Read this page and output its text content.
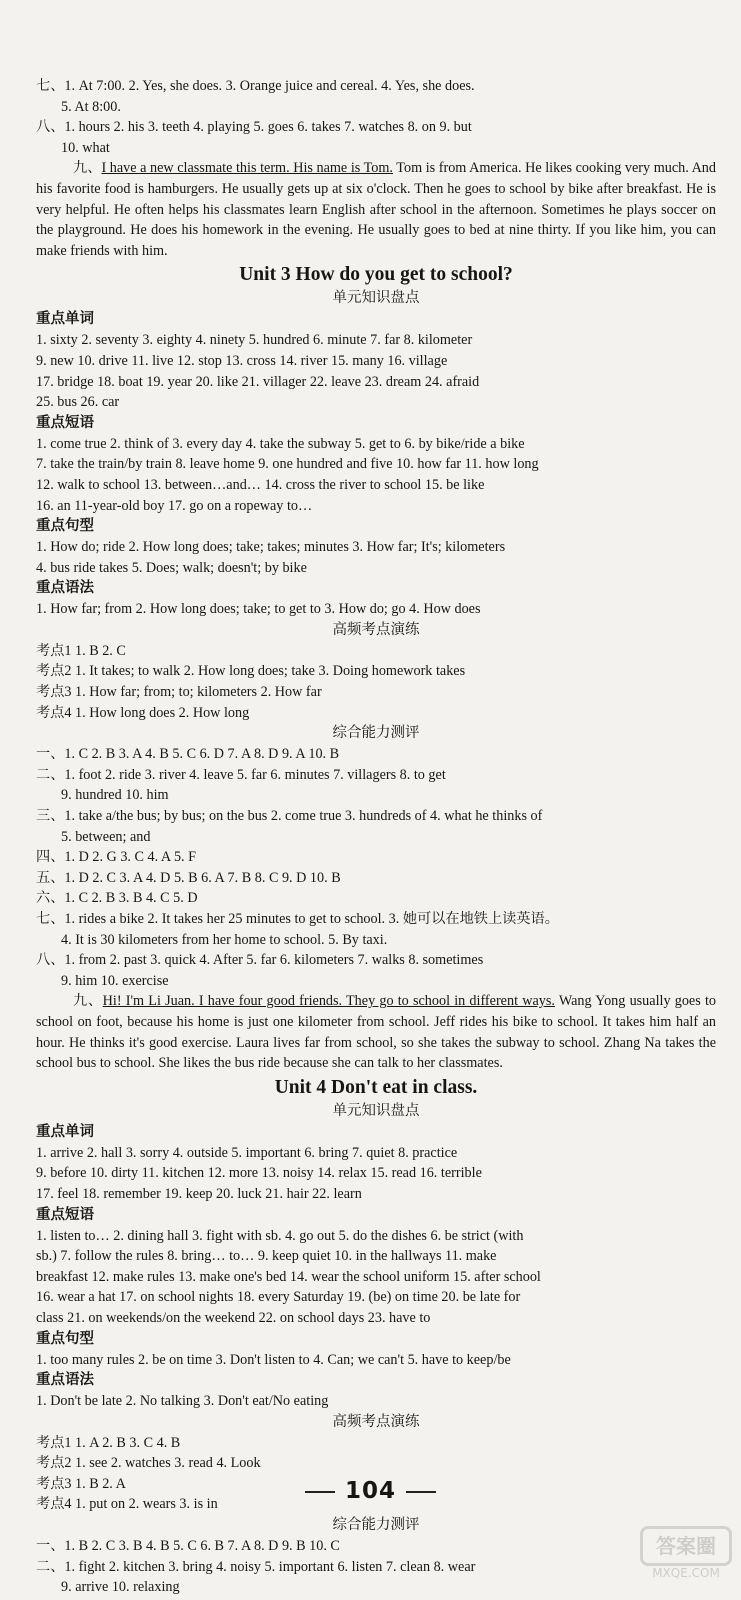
七、1. At 7:00. 2. Yes, she does. 3. Orange juice and cereal. 4. Yes, she does.
5. At 8:00.
八、1. hours 2. his 3. teeth 4. playing 5. goes 6. takes 7. watches 8. on 9. but
10. what
九、I have a new classmate this term. His name is Tom. Tom is from America. He likes cooking very much. And his favorite food is hamburgers. He usually gets up at six o'clock. Then he goes to school by bike after breakfast. He is very helpful. He often helps his classmates learn English after school in the afternoon. Sometimes he plays soccer on the playground. He does his homework in the evening. He usually goes to bed at nine thirty. If you like him, you can make friends with him.
Unit 3 How do you get to school?
单元知识盘点
重点单词
1. sixty 2. seventy 3. eighty 4. ninety 5. hundred 6. minute 7. far 8. kilometer
9. new 10. drive 11. live 12. stop 13. cross 14. river 15. many 16. village
17. bridge 18. boat 19. year 20. like 21. villager 22. leave 23. dream 24. afraid
25. bus 26. car
重点短语
1. come true 2. think of 3. every day 4. take the subway 5. get to 6. by bike/ride a bike
7. take the train/by train 8. leave home 9. one hundred and five 10. how far 11. how long
12. walk to school 13. between…and… 14. cross the river to school 15. be like
16. an 11-year-old boy 17. go on a ropeway to…
重点句型
1. How do; ride 2. How long does; take; takes; minutes 3. How far; It's; kilometers
4. bus ride takes 5. Does; walk; doesn't; by bike
重点语法
1. How far; from 2. How long does; take; to get to 3. How do; go 4. How does
高频考点演练
考点1 1. B 2. C
考点2 1. It takes; to walk 2. How long does; take 3. Doing homework takes
考点3 1. How far; from; to; kilometers 2. How far
考点4 1. How long does 2. How long
综合能力测评
一、1. C 2. B 3. A 4. B 5. C 6. D 7. A 8. D 9. A 10. B
二、1. foot 2. ride 3. river 4. leave 5. far 6. minutes 7. villagers 8. to get
9. hundred 10. him
三、1. take a/the bus; by bus; on the bus 2. come true 3. hundreds of 4. what he thinks of
5. between; and
四、1. D 2. G 3. C 4. A 5. F
五、1. D 2. C 3. A 4. D 5. B 6. A 7. B 8. C 9. D 10. B
六、1. C 2. B 3. B 4. C 5. D
七、1. rides a bike 2. It takes her 25 minutes to get to school. 3. 她可以在地铁上读英语。
4. It is 30 kilometers from her home to school. 5. By taxi.
八、1. from 2. past 3. quick 4. After 5. far 6. kilometers 7. walks 8. sometimes
9. him 10. exercise
九、Hi! I'm Li Juan. I have four good friends. They go to school in different ways. Wang Yong usually goes to school on foot, because his home is just one kilometer from school. Jeff rides his bike to school. It takes him half an hour. He thinks it's good exercise. Laura lives far from school, so she takes the subway to school. Zhang Na takes the school bus to school. She likes the bus ride because she can talk to her classmates.
Unit 4 Don't eat in class.
单元知识盘点
重点单词
1. arrive 2. hall 3. sorry 4. outside 5. important 6. bring 7. quiet 8. practice
9. before 10. dirty 11. kitchen 12. more 13. noisy 14. relax 15. read 16. terrible
17. feel 18. remember 19. keep 20. luck 21. hair 22. learn
重点短语
1. listen to… 2. dining hall 3. fight with sb. 4. go out 5. do the dishes 6. be strict (with
sb.) 7. follow the rules 8. bring… to… 9. keep quiet 10. in the hallways 11. make
breakfast 12. make rules 13. make one's bed 14. wear the school uniform 15. after school
16. wear a hat 17. on school nights 18. every Saturday 19. (be) on time 20. be late for
class 21. on weekends/on the weekend 22. on school days 23. have to
重点句型
1. too many rules 2. be on time 3. Don't listen to 4. Can; we can't 5. have to keep/be
重点语法
1. Don't be late 2. No talking 3. Don't eat/No eating
高频考点演练
考点1 1. A 2. B 3. C 4. B
考点2 1. see 2. watches 3. read 4. Look
考点3 1. B 2. A
考点4 1. put on 2. wears 3. is in
综合能力测评
一、1. B 2. C 3. B 4. B 5. C 6. B 7. A 8. D 9. B 10. C
二、1. fight 2. kitchen 3. bring 4. noisy 5. important 6. listen 7. clean 8. wear
9. arrive 10. relaxing
104
答案圈
MXQE.COM
